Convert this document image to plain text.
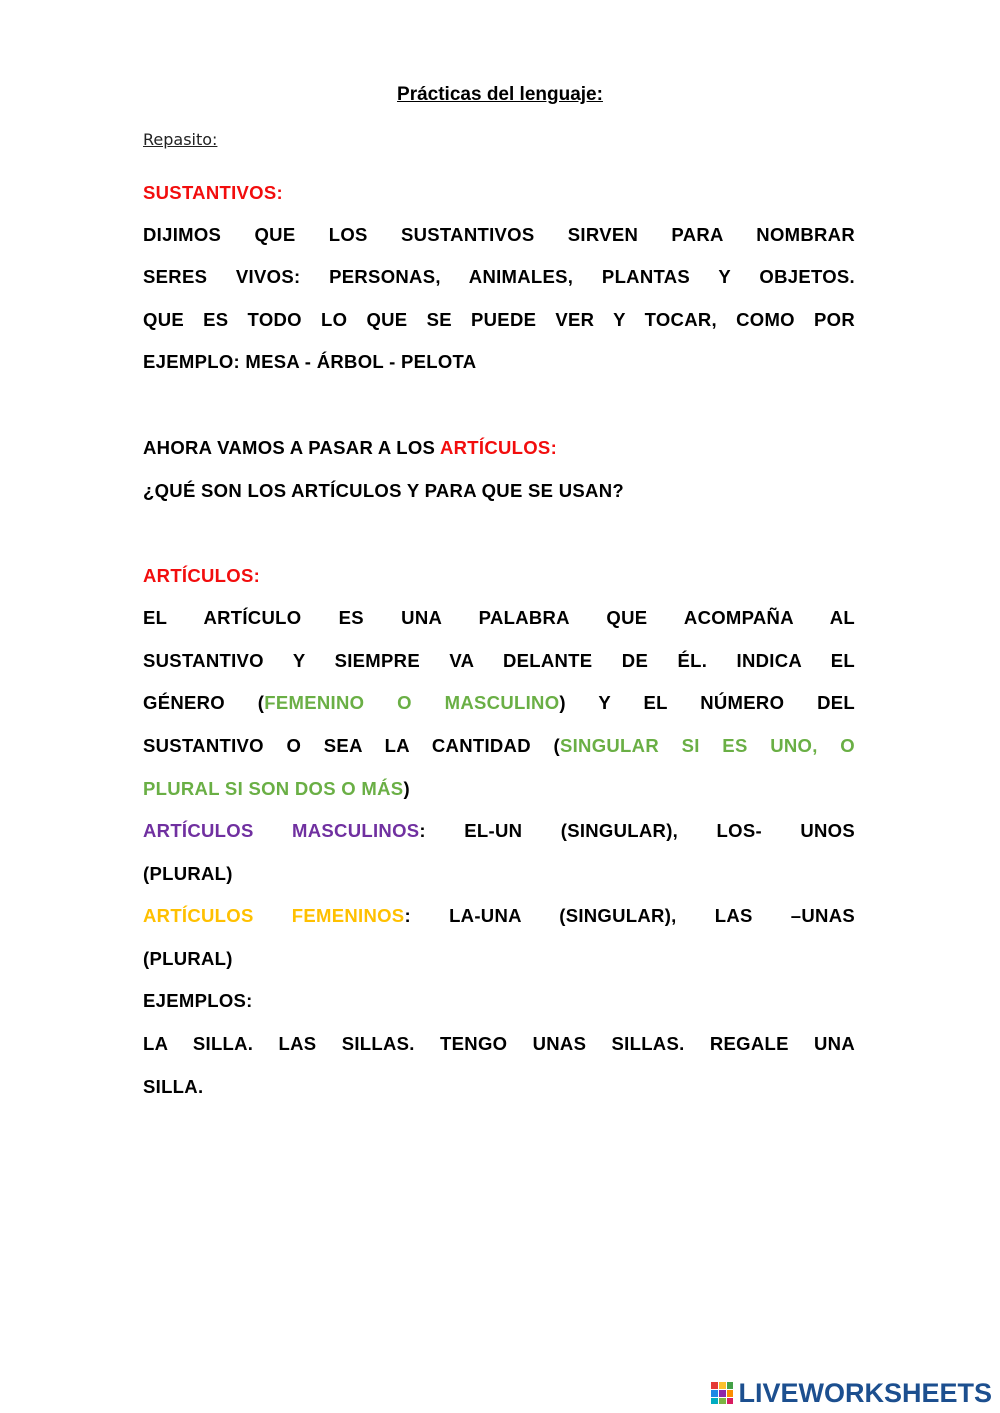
Prácticas del lenguaje:
Repasito:
SUSTANTIVOS:
DIJIMOS QUE LOS SUSTANTIVOS SIRVEN PARA NOMBRAR
SERES VIVOS: PERSONAS, ANIMALES, PLANTAS Y OBJETOS.
QUE ES TODO LO QUE SE PUEDE VER Y TOCAR, COMO POR
EJEMPLO: MESA - ÁRBOL - PELOTA
AHORA VAMOS A PASAR A LOS ARTÍCULOS:
¿QUÉ SON LOS ARTÍCULOS Y PARA QUE SE USAN?
ARTÍCULOS:
EL ARTÍCULO ES UNA PALABRA QUE ACOMPAÑA AL
SUSTANTIVO Y SIEMPRE VA DELANTE DE ÉL. INDICA EL
GÉNERO (FEMENINO O MASCULINO) Y EL NÚMERO DEL
SUSTANTIVO O SEA LA CANTIDAD (SINGULAR SI ES UNO, O
PLURAL SI SON DOS O MÁS)
ARTÍCULOS MASCULINOS: EL-UN (SINGULAR), LOS- UNOS
(PLURAL)
ARTÍCULOS FEMENINOS: LA-UNA (SINGULAR), LAS –UNAS
(PLURAL)
EJEMPLOS:
LA SILLA. LAS SILLAS. TENGO UNAS SILLAS. REGALE UNA
SILLA.
LIVEWORKSHEETS
